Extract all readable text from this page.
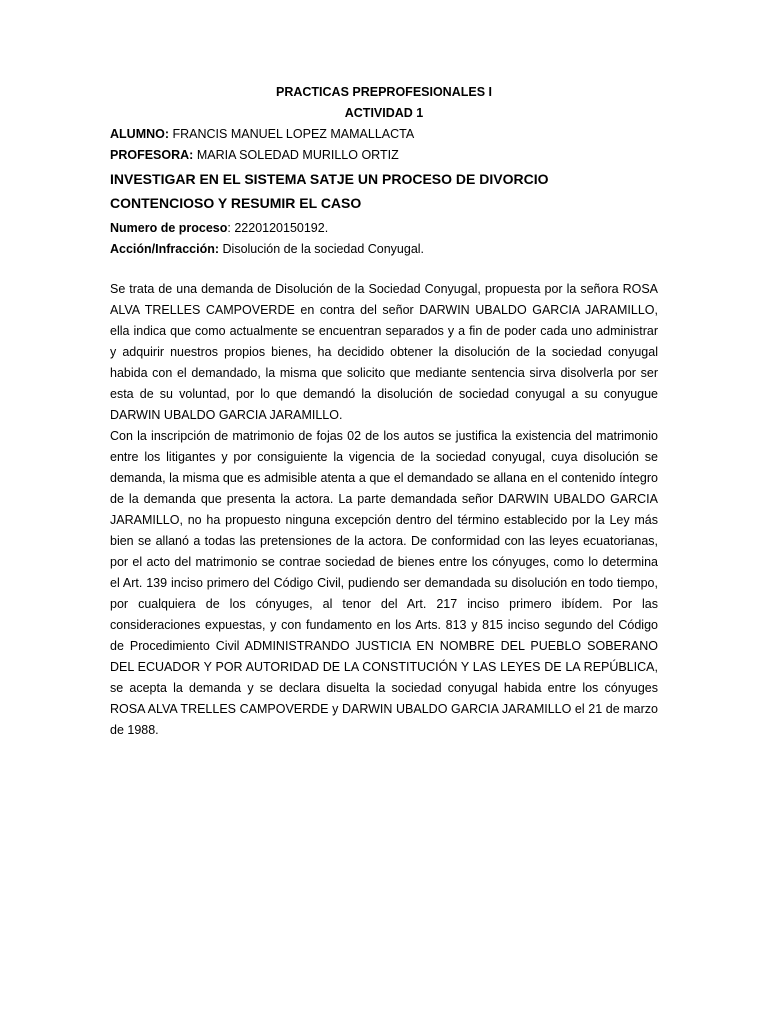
PRACTICAS PREPROFESIONALES I
ACTIVIDAD 1
ALUMNO: FRANCIS MANUEL LOPEZ MAMALLACTA
PROFESORA: MARIA SOLEDAD MURILLO ORTIZ
INVESTIGAR EN EL SISTEMA SATJE UN PROCESO DE DIVORCIO
CONTENCIOSO Y RESUMIR EL CASO
Numero de proceso: 2220120150192.
Acción/Infracción: Disolución de la sociedad Conyugal.

Se trata de una demanda de Disolución de la Sociedad Conyugal, propuesta por la señora ROSA ALVA TRELLES CAMPOVERDE en contra del señor DARWIN UBALDO GARCIA JARAMILLO, ella indica que como actualmente se encuentran separados y a fin de poder cada uno administrar y adquirir nuestros propios bienes, ha decidido obtener la disolución de la sociedad conyugal habida con el demandado, la misma que solicito que mediante sentencia sirva disolverla por ser esta de su voluntad, por lo que demandó la disolución de sociedad conyugal a su conyugue DARWIN UBALDO GARCIA JARAMILLO.

Con la inscripción de matrimonio de fojas 02 de los autos se justifica la existencia del matrimonio entre los litigantes y por consiguiente la vigencia de la sociedad conyugal, cuya disolución se demanda, la misma que es admisible atenta a que el demandado se allana en el contenido íntegro de la demanda que presenta la actora. La parte demandada señor DARWIN UBALDO GARCIA JARAMILLO, no ha propuesto ninguna excepción dentro del término establecido por la Ley más bien se allanó a todas las pretensiones de la actora. De conformidad con las leyes ecuatorianas, por el acto del matrimonio se contrae sociedad de bienes entre los cónyuges, como lo determina el Art. 139 inciso primero del Código Civil, pudiendo ser demandada su disolución en todo tiempo, por cualquiera de los cónyuges, al tenor del Art. 217 inciso primero ibídem. Por las consideraciones expuestas, y con fundamento en los Arts. 813 y 815 inciso segundo del Código de Procedimiento Civil ADMINISTRANDO JUSTICIA EN NOMBRE DEL PUEBLO SOBERANO DEL ECUADOR Y POR AUTORIDAD DE LA CONSTITUCIÓN Y LAS LEYES DE LA REPÚBLICA, se acepta la demanda y se declara disuelta la sociedad conyugal habida entre los cónyuges ROSA ALVA TRELLES CAMPOVERDE y DARWIN UBALDO GARCIA JARAMILLO el 21 de marzo de 1988.
